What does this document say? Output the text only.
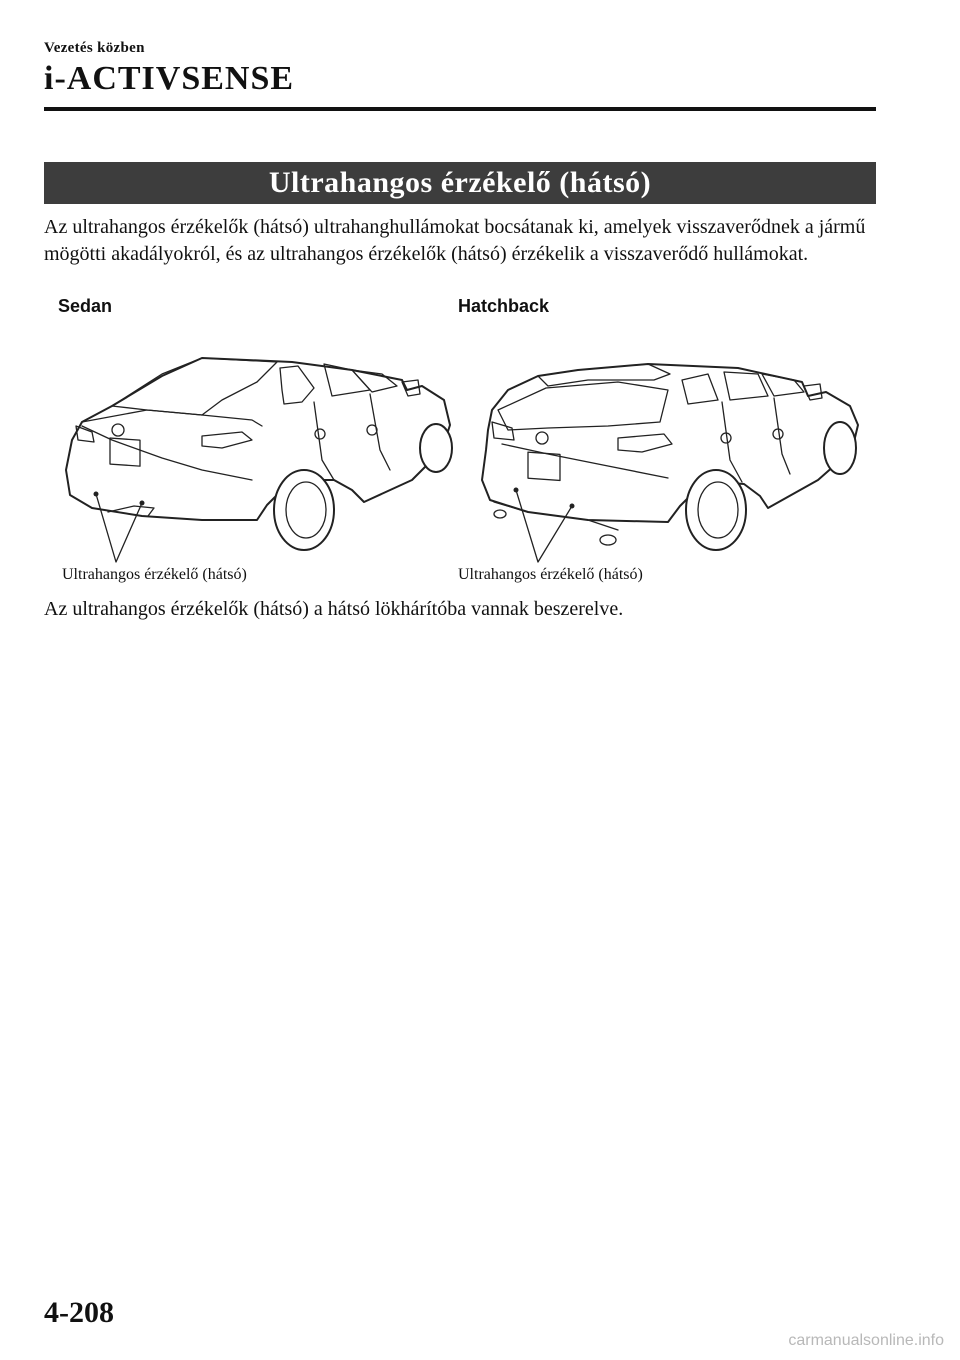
Vezetés közben
i-ACTIVSENSE
Ultrahangos érzékelő (hátsó)
Az ultrahangos érzékelők (hátsó) ultrahanghullámokat bocsátanak ki, amelyek visszaverődnek a jármű mögötti akadályokról, és az ultrahangos érzékelők (hátsó) érzékelik a visszaverődő hullámokat.
Sedan	Hatchback
Ultrahangos érzékelő (hátsó)	Ultrahangos érzékelő (hátsó)
Az ultrahangos érzékelők (hátsó) a hátsó lökhárítóba vannak beszerelve.
4-208
carmanualsonline.info
